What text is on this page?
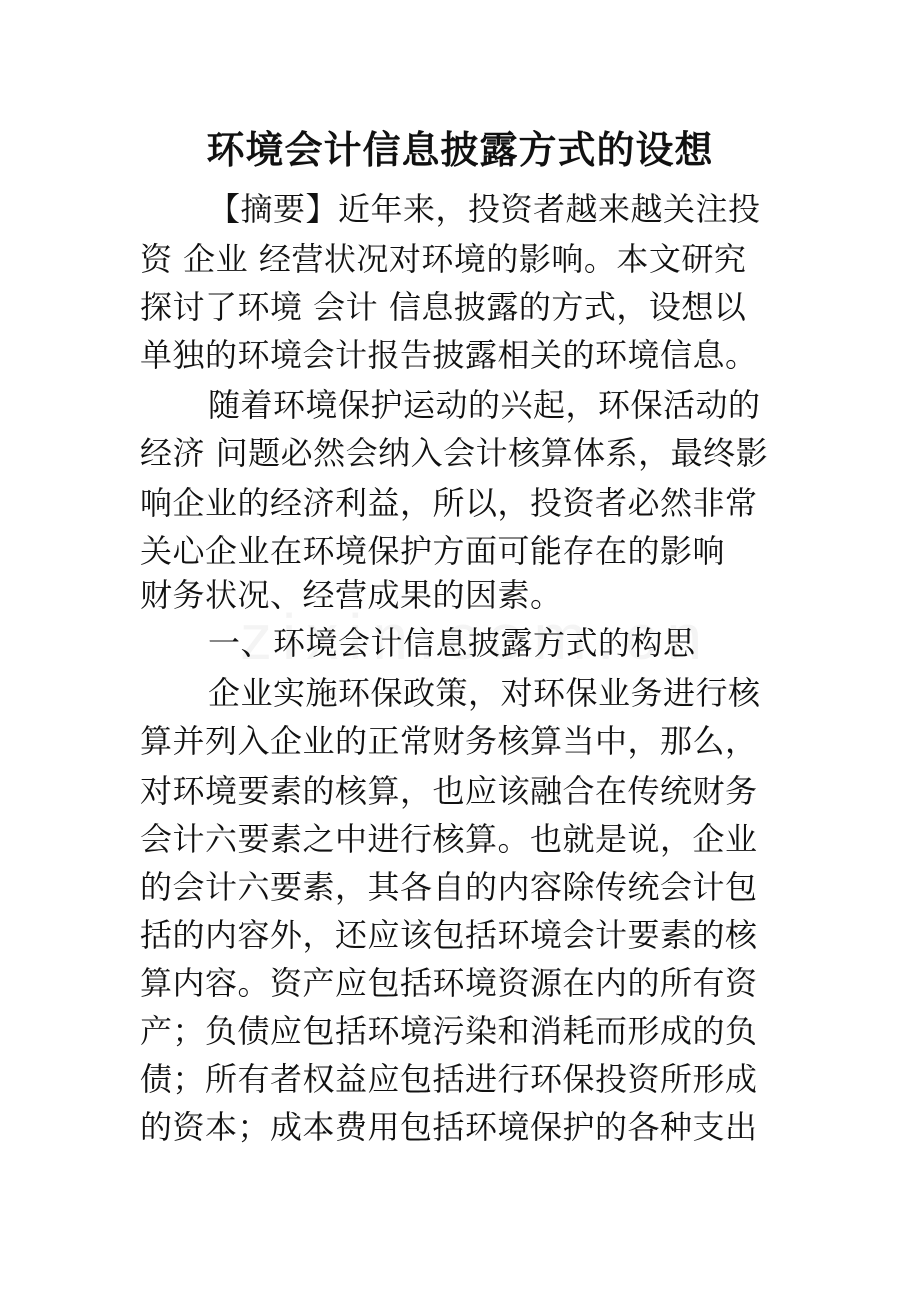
环境会计信息披露方式的设想
【摘要】近年来，投资者越来越关注投
资 企业 经营状况对环境的影响。本文研究
探讨了环境 会计 信息披露的方式，设想以
单独的环境会计报告披露相关的环境信息。
随着环境保护运动的兴起，环保活动的
经济 问题必然会纳入会计核算体系，最终影
响企业的经济利益，所以，投资者必然非常
关心企业在环境保护方面可能存在的影响
财务状况、经营成果的因素。
一、环境会计信息披露方式的构思
企业实施环保政策，对环保业务进行核
算并列入企业的正常财务核算当中，那么，
对环境要素的核算，也应该融合在传统财务
会计六要素之中进行核算。也就是说，企业
的会计六要素，其各自的内容除传统会计包
括的内容外，还应该包括环境会计要素的核
算内容。资产应包括环境资源在内的所有资
产；负债应包括环境污染和消耗而形成的负
债；所有者权益应包括进行环保投资所形成
的资本；成本费用包括环境保护的各种支出
